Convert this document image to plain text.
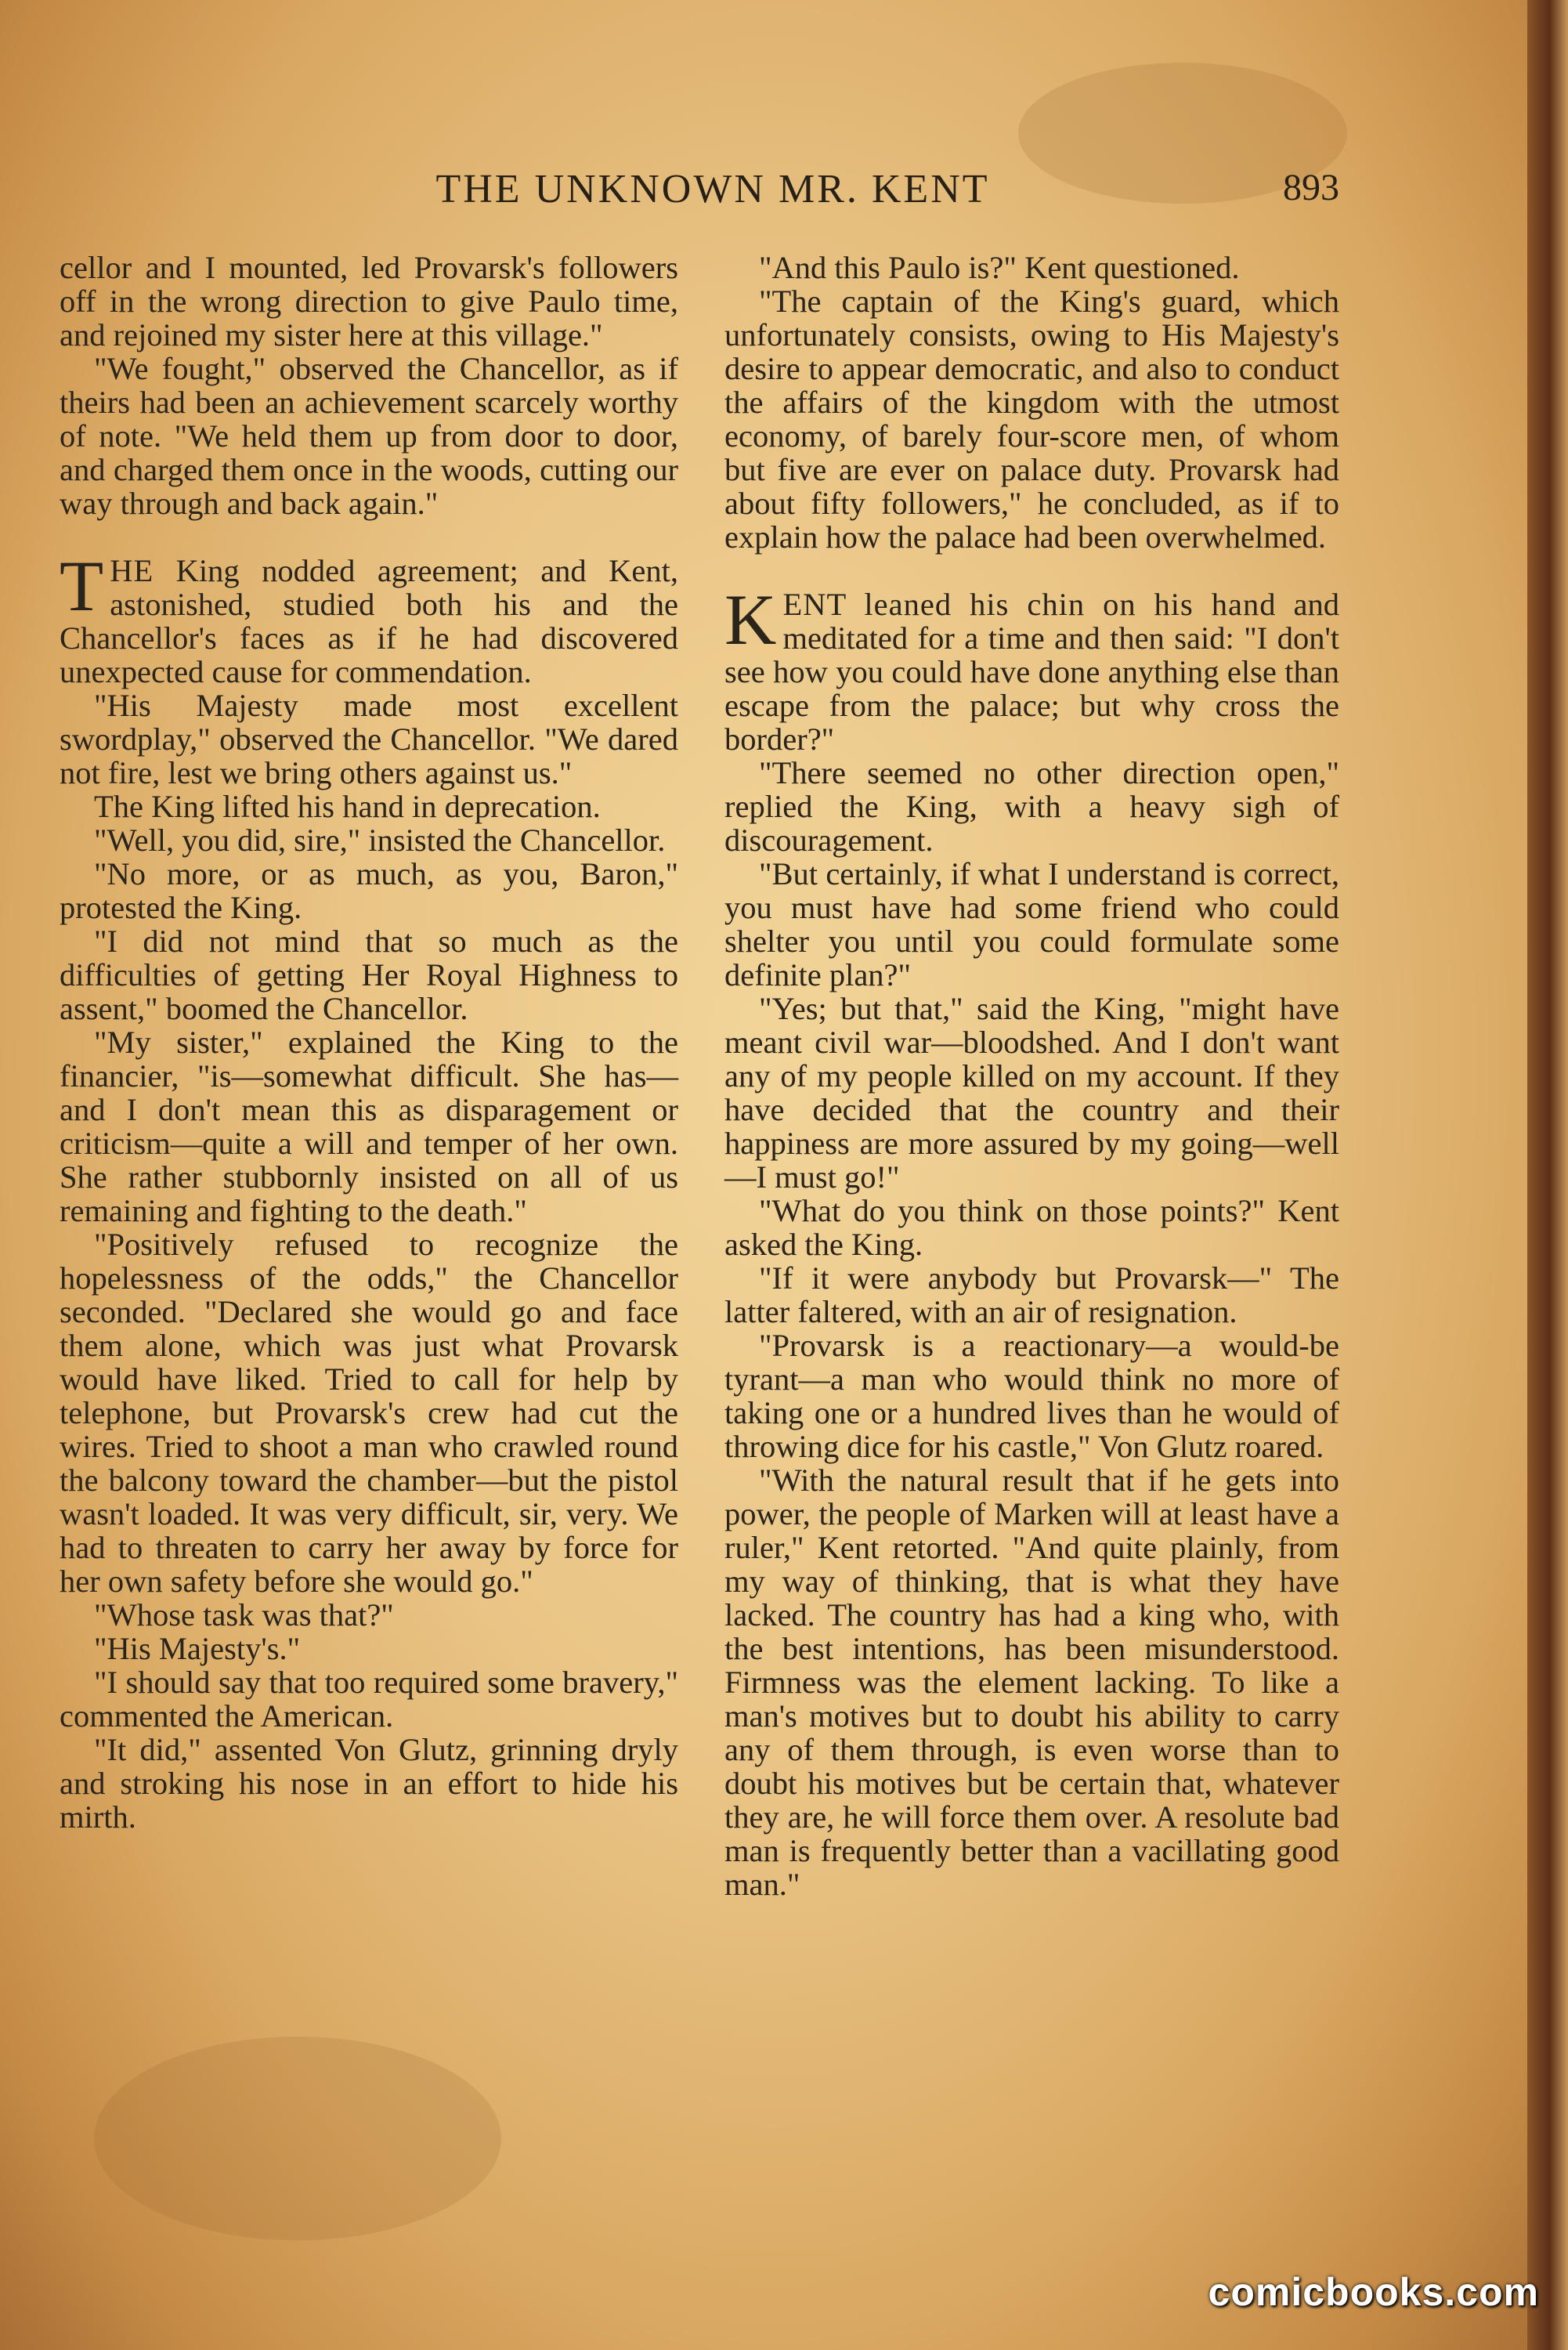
THE UNKNOWN MR. KENT	893

cellor and I mounted, led Provarsk's followers off in the wrong direction to give Paulo time, and rejoined my sister here at this village."

"We fought," observed the Chancellor, as if theirs had been an achievement scarcely worthy of note. "We held them up from door to door, and charged them once in the woods, cutting our way through and back again."

THE King nodded agreement; and Kent, astonished, studied both his and the Chancellor's faces as if he had discovered unexpected cause for commendation.

"His Majesty made most excellent swordplay," observed the Chancellor. "We dared not fire, lest we bring others against us."

The King lifted his hand in deprecation.

"Well, you did, sire," insisted the Chancellor.

"No more, or as much, as you, Baron," protested the King.

"I did not mind that so much as the difficulties of getting Her Royal Highness to assent," boomed the Chancellor.

"My sister," explained the King to the financier, "is—somewhat difficult. She has—and I don't mean this as disparagement or criticism—quite a will and temper of her own. She rather stubbornly insisted on all of us remaining and fighting to the death."

"Positively refused to recognize the hopelessness of the odds," the Chancellor seconded. "Declared she would go and face them alone, which was just what Provarsk would have liked. Tried to call for help by telephone, but Provarsk's crew had cut the wires. Tried to shoot a man who crawled round the balcony toward the chamber—but the pistol wasn't loaded. It was very difficult, sir, very. We had to threaten to carry her away by force for her own safety before she would go."

"Whose task was that?"

"His Majesty's."

"I should say that too required some bravery," commented the American.

"It did," assented Von Glutz, grinning dryly and stroking his nose in an effort to hide his mirth.

"And this Paulo is?" Kent questioned.

"The captain of the King's guard, which unfortunately consists, owing to His Majesty's desire to appear democratic, and also to conduct the affairs of the kingdom with the utmost economy, of barely four-score men, of whom but five are ever on palace duty. Provarsk had about fifty followers," he concluded, as if to explain how the palace had been overwhelmed.

KENT leaned his chin on his hand and meditated for a time and then said: "I don't see how you could have done anything else than escape from the palace; but why cross the border?"

"There seemed no other direction open," replied the King, with a heavy sigh of discouragement.

"But certainly, if what I understand is correct, you must have had some friend who could shelter you until you could formulate some definite plan?"

"Yes; but that," said the King, "might have meant civil war—bloodshed. And I don't want any of my people killed on my account. If they have decided that the country and their happiness are more assured by my going—well—I must go!"

"What do you think on those points?" Kent asked the King.

"If it were anybody but Provarsk—" The latter faltered, with an air of resignation.

"Provarsk is a reactionary—a would-be tyrant—a man who would think no more of taking one or a hundred lives than he would of throwing dice for his castle," Von Glutz roared.

"With the natural result that if he gets into power, the people of Marken will at least have a ruler," Kent retorted. "And quite plainly, from my way of thinking, that is what they have lacked. The country has had a king who, with the best intentions, has been misunderstood. Firmness was the element lacking. To like a man's motives but to doubt his ability to carry any of them through, is even worse than to doubt his motives but be certain that, whatever they are, he will force them over. A resolute bad man is frequently better than a vacillating good man."

comicbooks.com
